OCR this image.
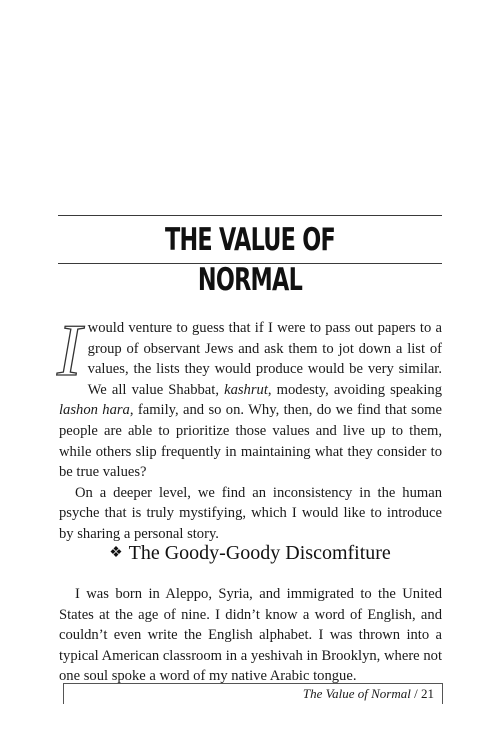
THE VALUE OF NORMAL

Iwould venture to guess that if I were to pass out papers to a group of observant Jews and ask them to jot down a list of values, the lists they would produce would be very similar. We all value Shabbat, kashrut, modesty, avoiding speaking lashon hara, family, and so on. Why, then, do we find that some people are able to prioritize those values and live up to them, while others slip frequently in maintaining what they consider to be true values?

On a deeper level, we find an inconsistency in the human psyche that is truly mystifying, which I would like to introduce by sharing a personal story.

❖ The Goody-Goody Discomfiture

I was born in Aleppo, Syria, and immigrated to the United States at the age of nine. I didn’t know a word of English, and couldn’t even write the English alphabet. I was thrown into a typical American classroom in a yeshivah in Brooklyn, where not one soul spoke a word of my native Arabic tongue.

The Value of Normal / 21
